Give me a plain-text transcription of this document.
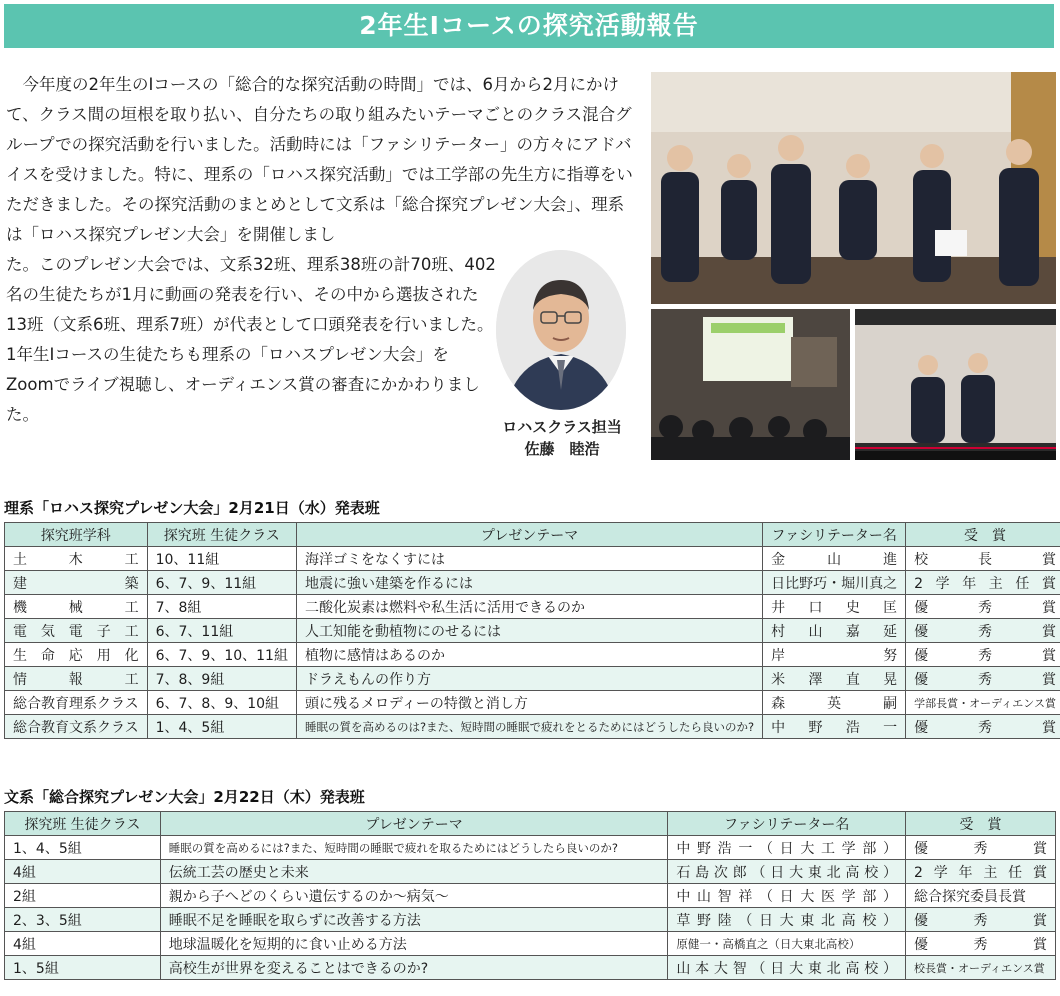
2年生Iコースの探究活動報告

今年度の2年生のIコースの「総合的な探究活動の時間」では、6月から2月にかけて、クラス間の垣根を取り払い、自分たちの取り組みたいテーマごとのクラス混合グループでの探究活動を行いました。活動時には「ファシリテーター」の方々にアドバイスを受けました。特に、理系の「ロハス探究活動」では工学部の先生方に指導をいただきました。その探究活動のまとめとして文系は「総合探究プレゼン大会」、理系は「ロハス探究プレゼン大会」を開催しまし

た。このプレゼン大会では、文系32班、理系38班の計70班、402名の生徒たちが1月に動画の発表を行い、その中から選抜された13班（文系6班、理系7班）が代表として口頭発表を行いました。1年生Iコースの生徒たちも理系の「ロハスプレゼン大会」をZoomでライブ視聴し、オーディエンス賞の審査にかかわりました。
ロハスクラス担当
佐藤　睦浩
理系「ロハス探究プレゼン大会」2月21日（水）発表班
探究班学科	探究班 生徒クラス	プレゼンテーマ	ファシリテーター名	受　賞
土木工	10、11組	海洋ゴミをなくすには	金山進	校長賞
建築	6、7、9、11組	地震に強い建築を作るには	日比野巧・堀川真之	2学年主任賞
機械工	7、8組	二酸化炭素は燃料や私生活に活用できるのか	井口史匡	優秀賞
電気電子工	6、7、11組	人工知能を動植物にのせるには	村山嘉延	優秀賞
生命応用化	6、7、9、10、11組	植物に感情はあるのか	岸努	優秀賞
情報工	7、8、9組	ドラえもんの作り方	米澤直晃	優秀賞
総合教育理系クラス	6、7、8、9、10組	頭に残るメロディーの特徴と消し方	森英嗣	学部長賞・オーディエンス賞
総合教育文系クラス	1、4、5組	睡眠の質を高めるのは?また、短時間の睡眠で疲れをとるためにはどうしたら良いのか?	中野浩一	優秀賞
文系「総合探究プレゼン大会」2月22日（木）発表班
探究班 生徒クラス	プレゼンテーマ	ファシリテーター名	受　賞
1、4、5組	睡眠の質を高めるには?また、短時間の睡眠で疲れを取るためにはどうしたら良いのか?	中野浩一（日大工学部）	優秀賞
4組	伝統工芸の歴史と未来	石島次郎（日大東北高校）	2学年主任賞
2組	親から子へどのくらい遺伝するのか～病気～	中山智祥（日大医学部）	総合探究委員長賞
2、3、5組	睡眠不足を睡眠を取らずに改善する方法	草野陸（日大東北高校）	優秀賞
4組	地球温暖化を短期的に食い止める方法	原健一・高橋直之（日大東北高校）	優秀賞
1、5組	高校生が世界を変えることはできるのか?	山本大智（日大東北高校）	校長賞・オーディエンス賞
